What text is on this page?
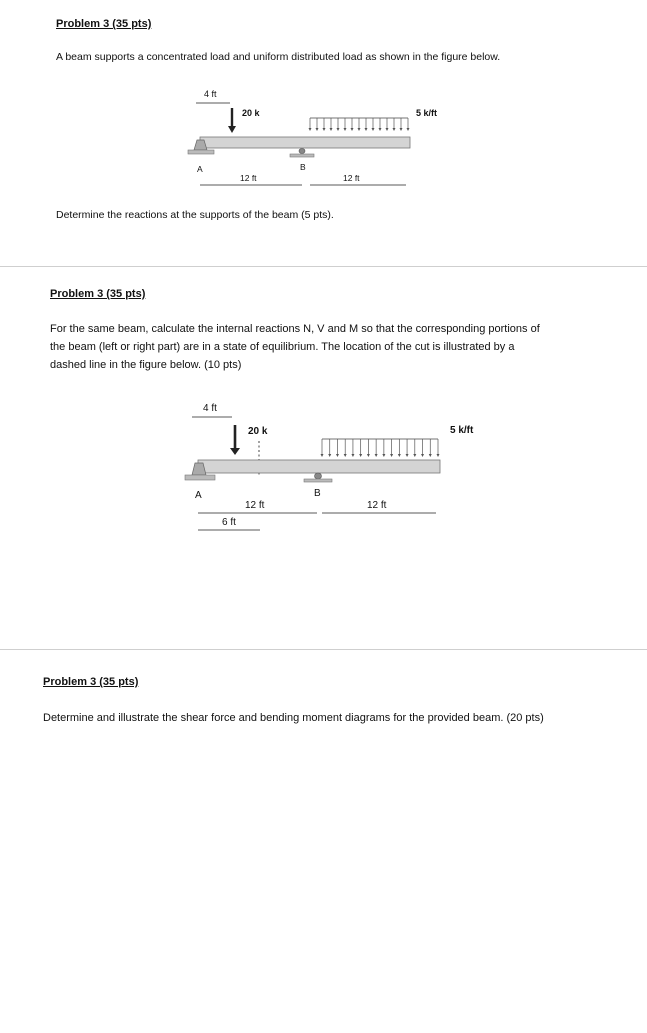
Problem 3 (35 pts)
A beam supports a concentrated load and uniform distributed load as shown in the figure below.
4 ft
20 k	5 k/ft
A	B
12 ft	12 ft
Determine the reactions at the supports of the beam (5 pts).
Problem 3 (35 pts)
For the same beam, calculate the internal reactions N, V and M so that the corresponding portions of
the beam (left or right part) are in a state of equilibrium. The location of the cut is illustrated by a
dashed line in the figure below. (10 pts)
4 ft
20 k	5 k/ft
A	B
12 ft	12 ft
6 ft
Problem 3 (35 pts)
Determine and illustrate the shear force and bending moment diagrams for the provided beam. (20 pts)
